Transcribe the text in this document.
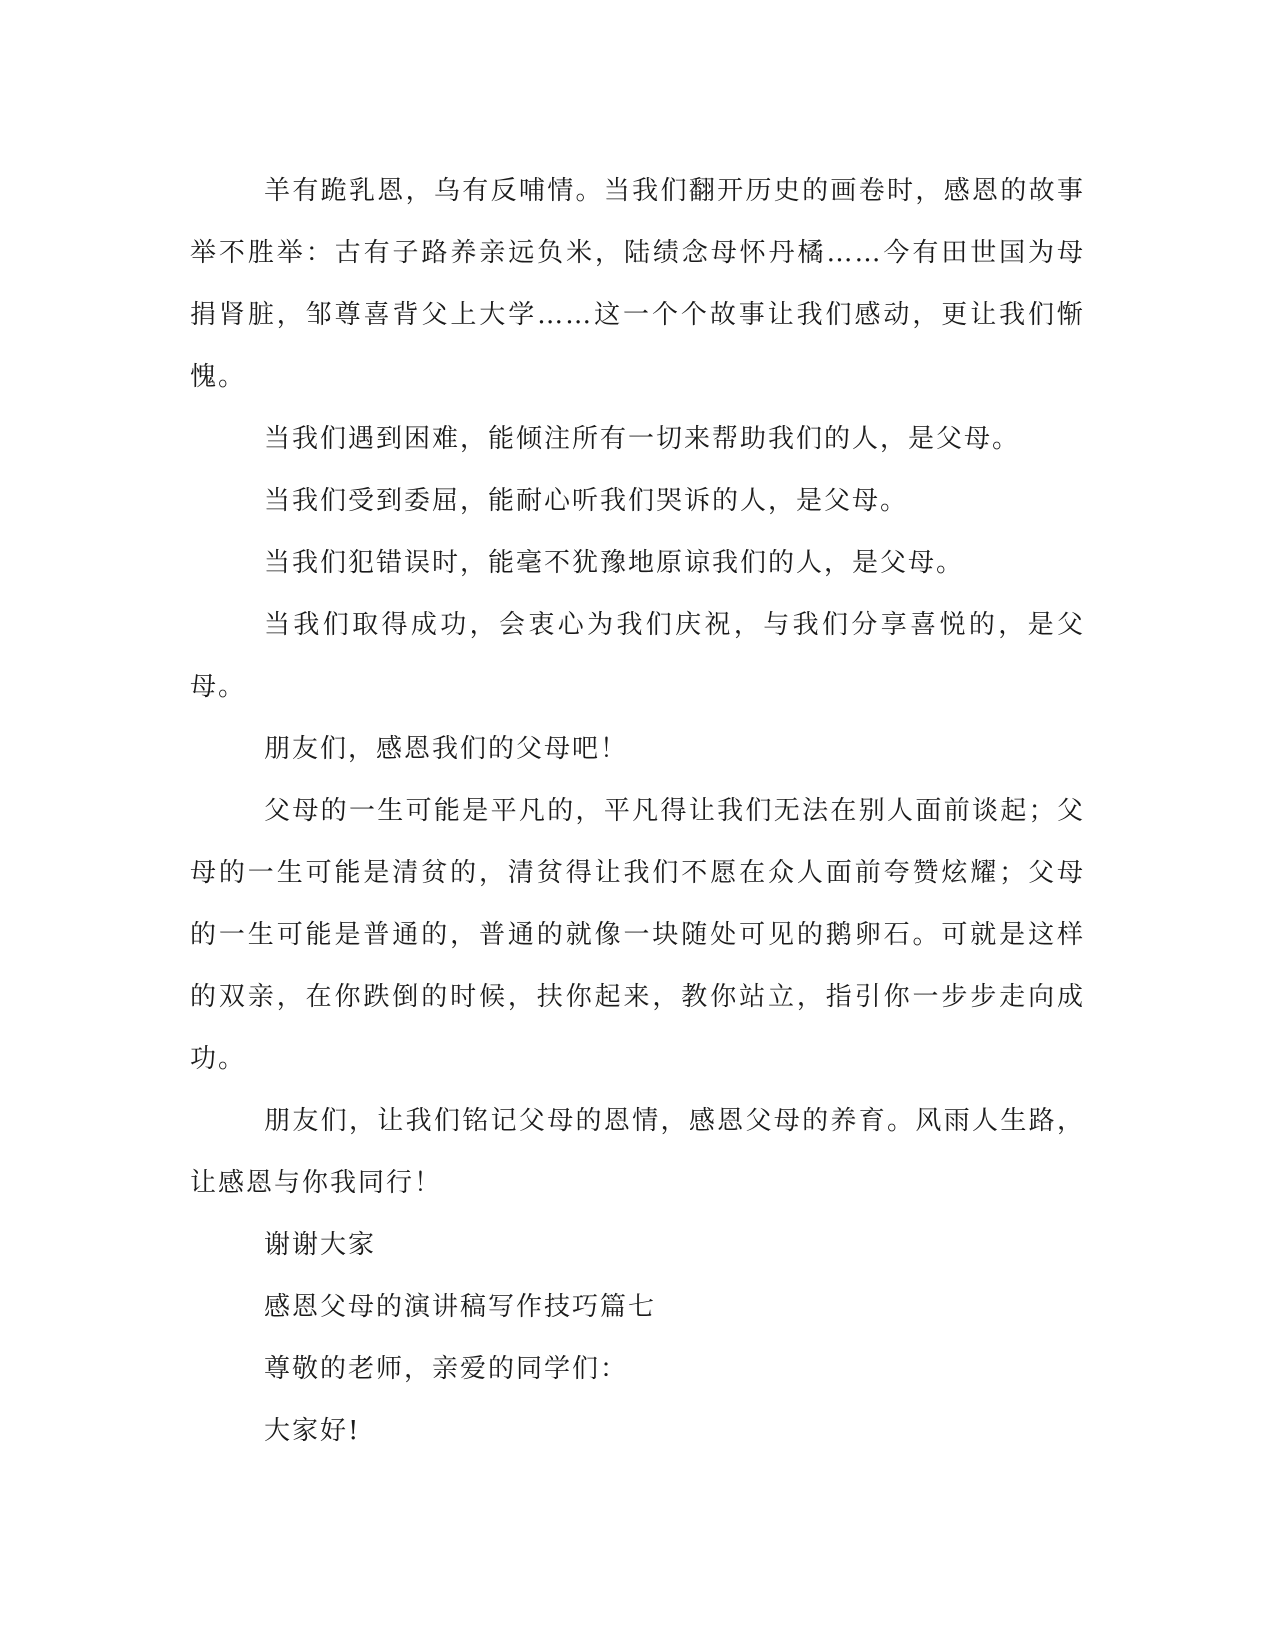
羊有跪乳恩，乌有反哺情。当我们翻开历史的画卷时，感恩的故事举不胜举：古有子路养亲远负米，陆绩念母怀丹橘……今有田世国为母捐肾脏，邹尊喜背父上大学……这一个个故事让我们感动，更让我们惭愧。

当我们遇到困难，能倾注所有一切来帮助我们的人，是父母。

当我们受到委屈，能耐心听我们哭诉的人，是父母。

当我们犯错误时，能毫不犹豫地原谅我们的人，是父母。

当我们取得成功，会衷心为我们庆祝，与我们分享喜悦的，是父母。

朋友们，感恩我们的父母吧！

父母的一生可能是平凡的，平凡得让我们无法在别人面前谈起；父母的一生可能是清贫的，清贫得让我们不愿在众人面前夸赞炫耀；父母的一生可能是普通的，普通的就像一块随处可见的鹅卵石。可就是这样的双亲，在你跌倒的时候，扶你起来，教你站立，指引你一步步走向成功。

朋友们，让我们铭记父母的恩情，感恩父母的养育。风雨人生路，让感恩与你我同行！

谢谢大家

感恩父母的演讲稿写作技巧篇七

尊敬的老师，亲爱的同学们：

大家好!
